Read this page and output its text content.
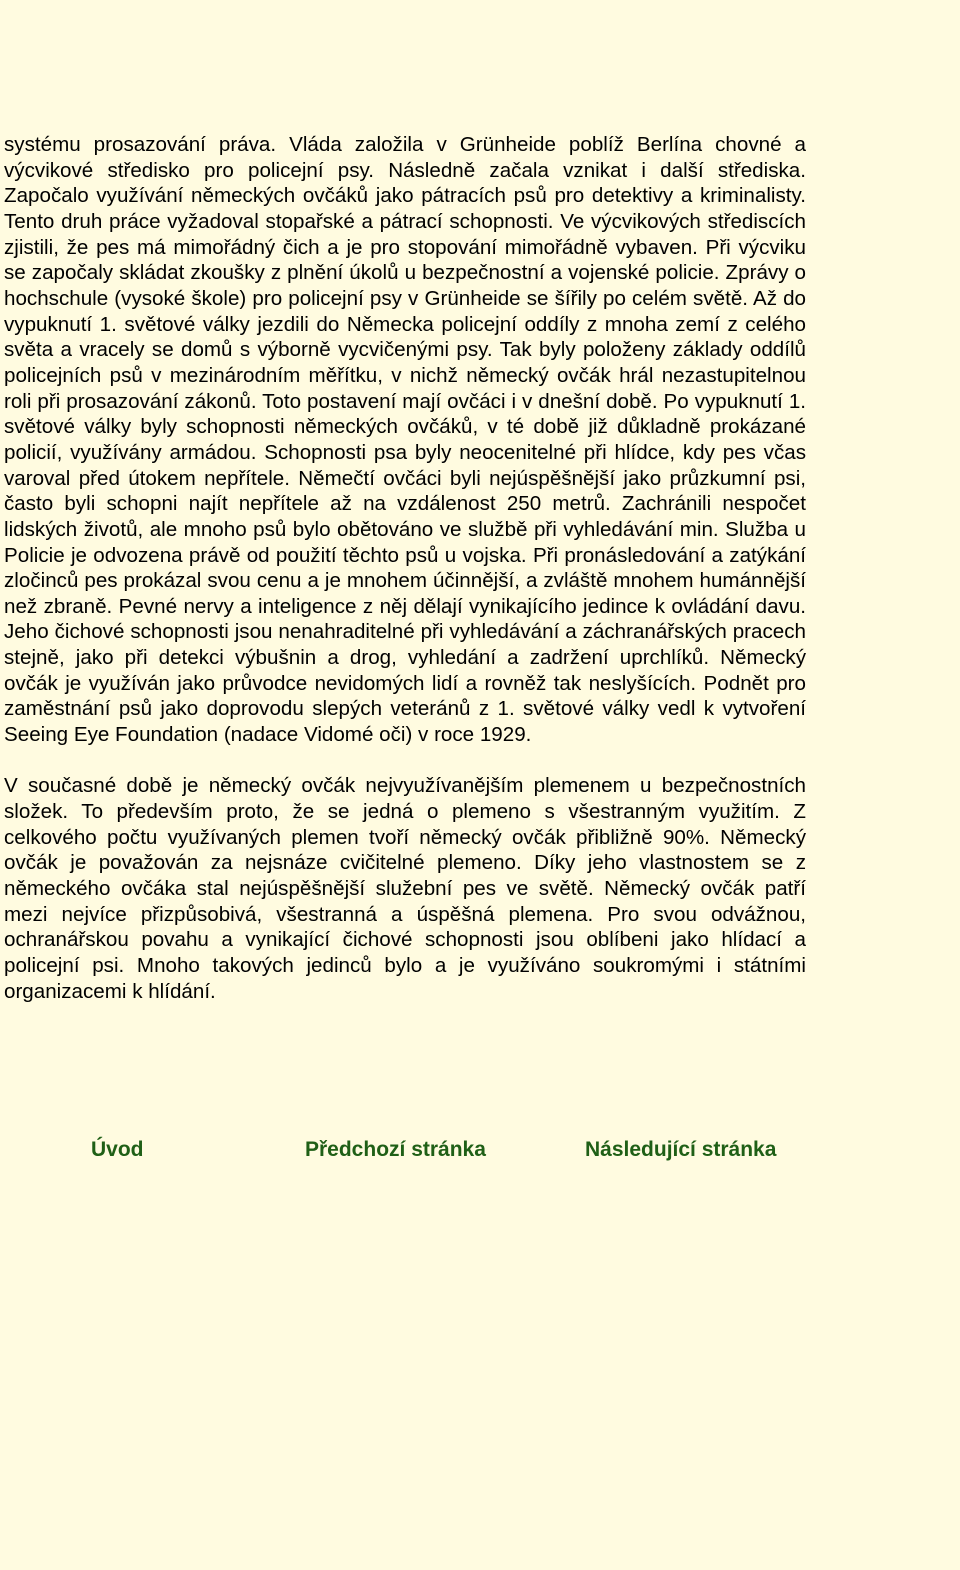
systému prosazování práva. Vláda založila v Grünheide poblíž Berlína chovné a výcvikové středisko pro policejní psy. Následně začala vznikat i další střediska. Započalo využívání německých ovčáků jako pátracích psů pro detektivy a kriminalisty. Tento druh práce vyžadoval stopařské a pátrací schopnosti. Ve výcvikových střediscích zjistili, že pes má mimořádný čich a je pro stopování mimořádně vybaven. Při výcviku se započaly skládat zkoušky z plnění úkolů u bezpečnostní a vojenské policie. Zprávy o hochschule (vysoké škole) pro policejní psy v Grünheide se šířily po celém světě. Až do vypuknutí 1. světové války jezdili do Německa policejní oddíly z mnoha zemí z celého světa a vracely se domů s výborně vycvičenými psy. Tak byly položeny základy oddílů policejních psů v mezinárodním měřítku, v nichž německý ovčák hrál nezastupitelnou roli při prosazování zákonů. Toto postavení mají ovčáci i v dnešní době. Po vypuknutí 1. světové války byly schopnosti německých ovčáků, v té době již důkladně prokázané policií, využívány armádou. Schopnosti psa byly neocenitelné při hlídce, kdy pes včas varoval před útokem nepřítele. Němečtí ovčáci byli nejúspěšnější jako průzkumní psi, často byli schopni najít nepřítele až na vzdálenost 250 metrů. Zachránili nespočet lidských životů, ale mnoho psů bylo obětováno ve službě při vyhledávání min. Služba u Policie je odvozena právě od použití těchto psů u vojska. Při pronásledování a zatýkání zločinců pes prokázal svou cenu a je mnohem účinnější, a zvláště mnohem humánnější než zbraně. Pevné nervy a inteligence z něj dělají vynikajícího jedince k ovládání davu. Jeho čichové schopnosti jsou nenahraditelné při vyhledávání a záchranářských pracech stejně, jako při detekci výbušnin a drog, vyhledání a zadržení uprchlíků. Německý ovčák je využíván jako průvodce nevidomých lidí a rovněž tak neslyšících. Podnět pro zaměstnání psů jako doprovodu slepých veteránů z 1. světové války vedl k vytvoření Seeing Eye Foundation (nadace Vidomé oči) v roce 1929.

V současné době je německý ovčák nejvyužívanějším plemenem u bezpečnostních složek. To především proto, že se jedná o plemeno s všestranným využitím. Z celkového počtu využívaných plemen tvoří německý ovčák přibližně 90%. Německý ovčák je považován za nejsnáze cvičitelné plemeno. Díky jeho vlastnostem se z německého ovčáka stal nejúspěšnější služební pes ve světě. Německý ovčák patří mezi nejvíce přizpůsobivá, všestranná a úspěšná plemena. Pro svou odvážnou, ochranářskou povahu a vynikající čichové schopnosti jsou oblíbeni jako hlídací a policejní psi. Mnoho takových jedinců bylo a je využíváno soukromými i státními organizacemi k hlídání.

Úvod	Předchozí stránka	Následující stránka
